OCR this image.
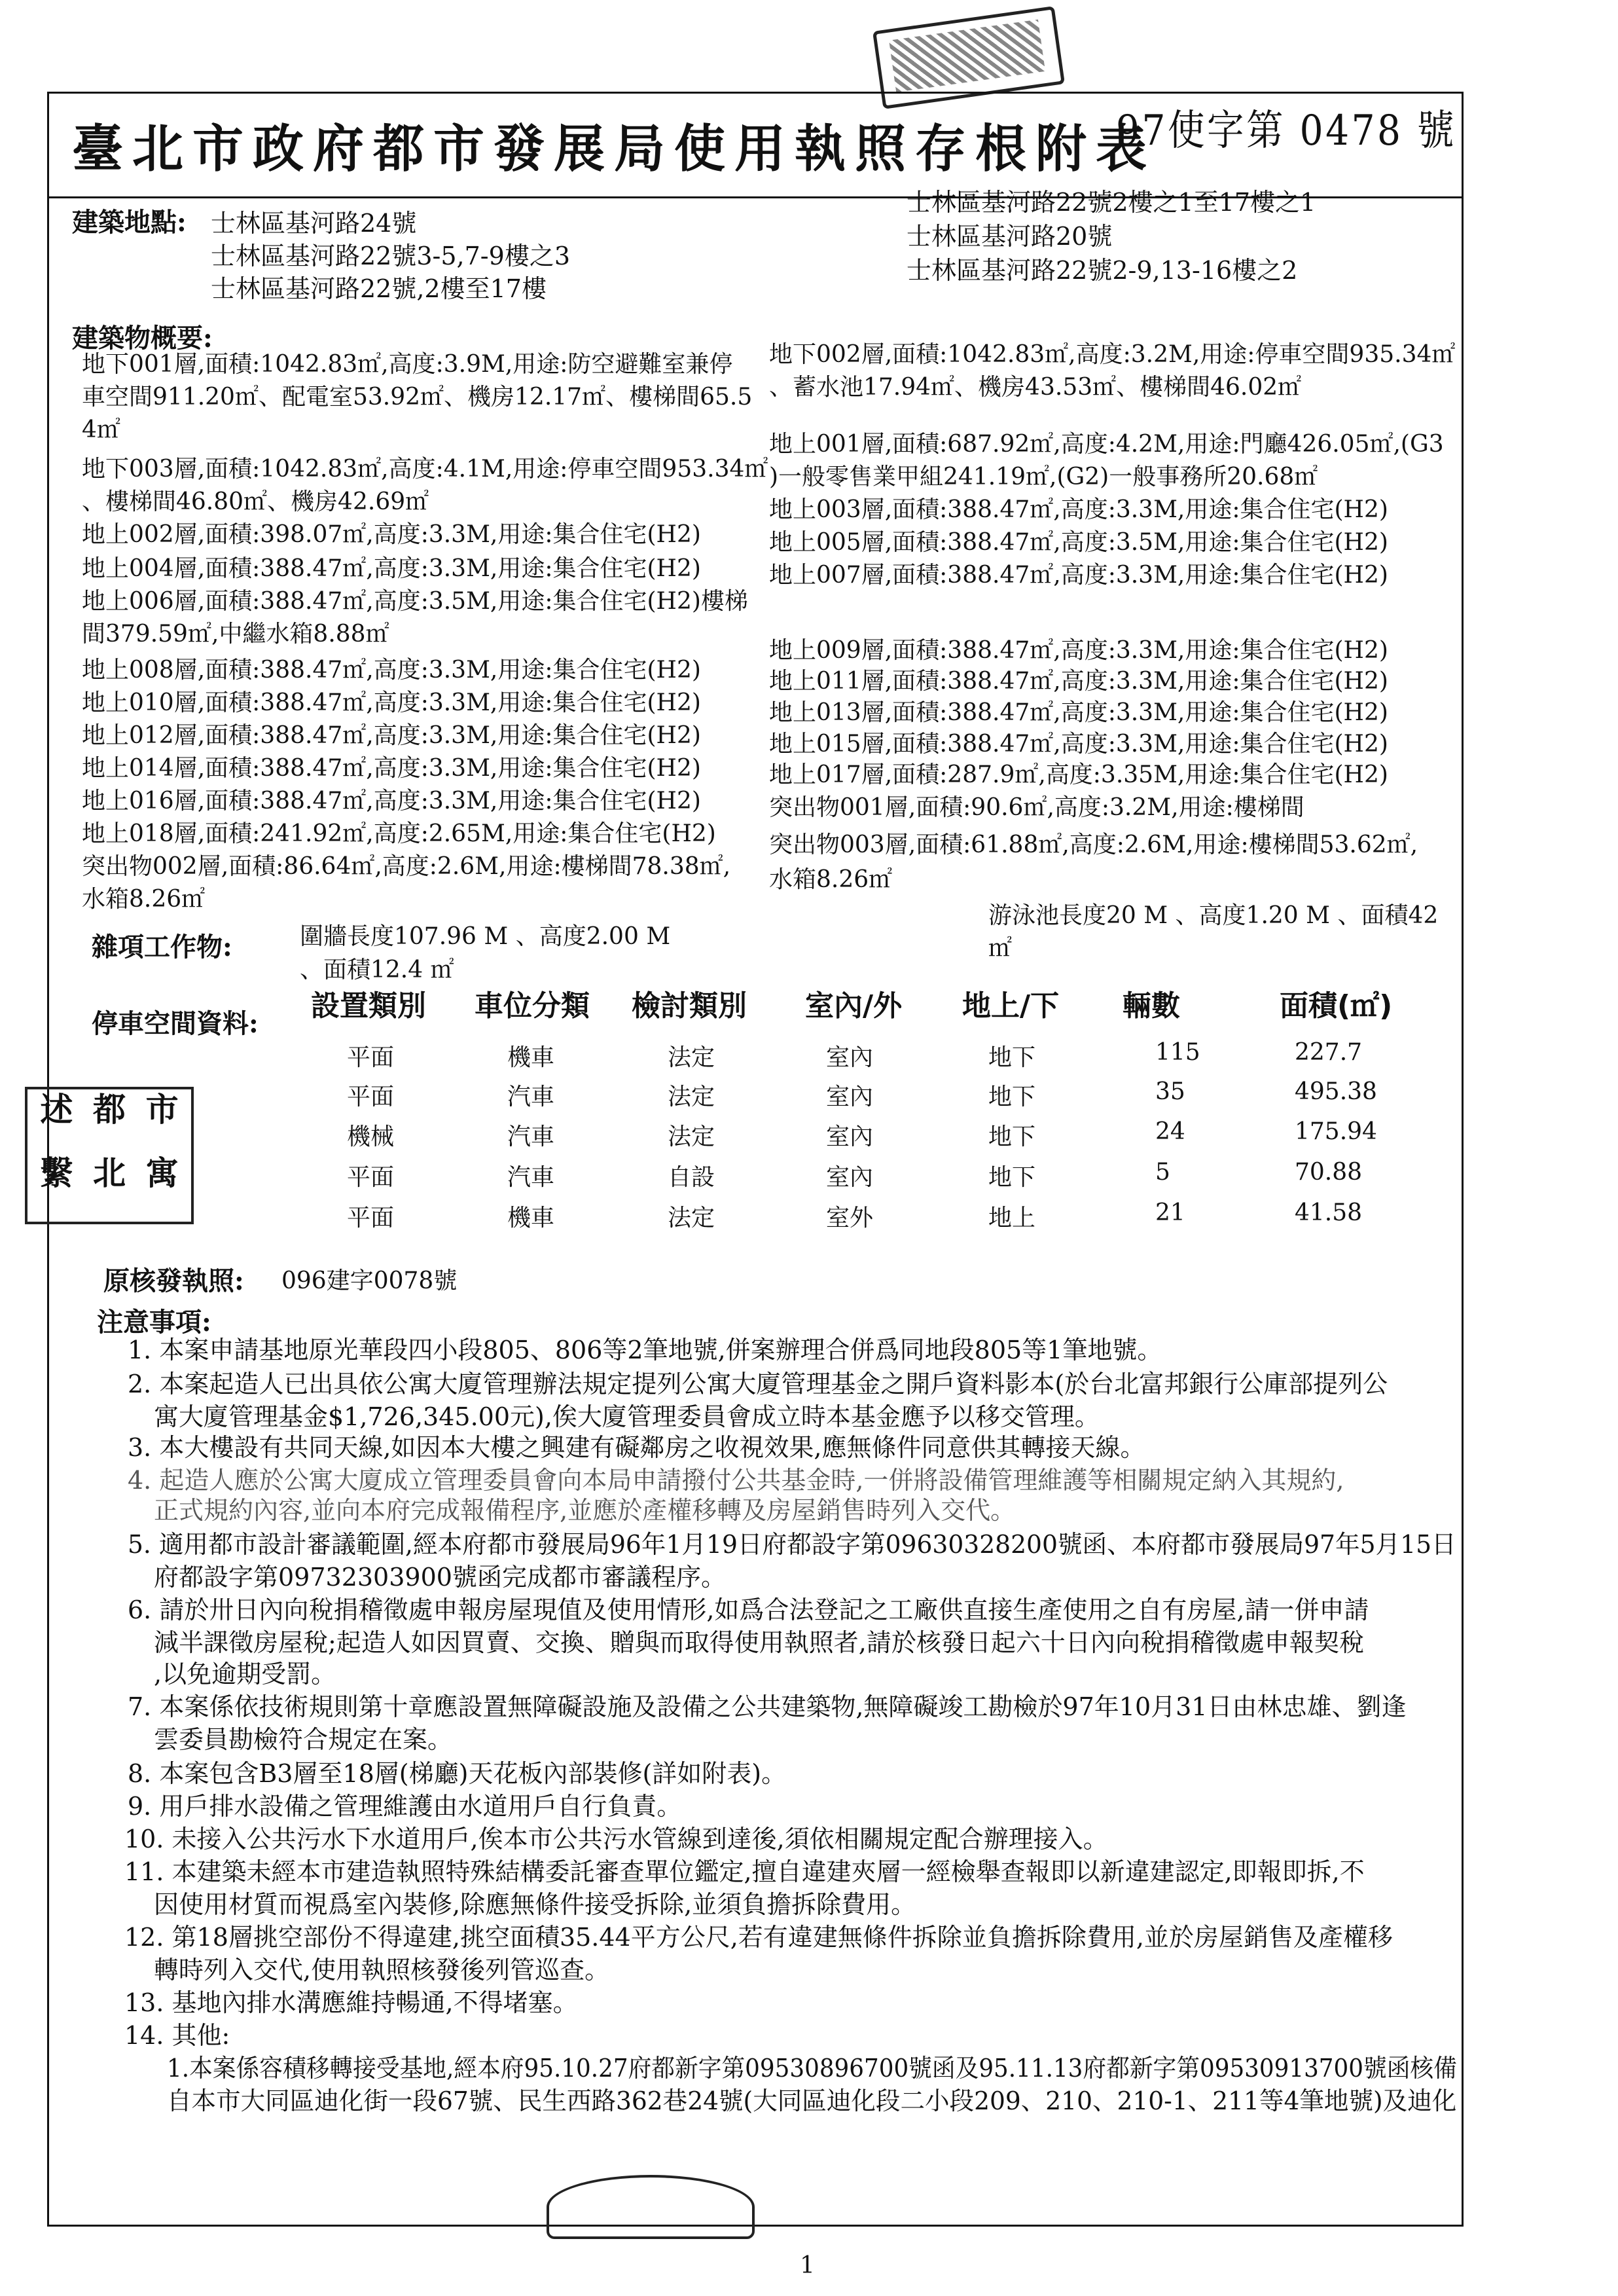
臺北市政府都市發展局使用執照存根附表
97使字第 0478 號
建築地點: 士林區基河路24號
士林區基河路22號3-5,7-9樓之3
士林區基河路22號,2樓至17樓
士林區基河路22號2樓之1至17樓之1
士林區基河路20號
士林區基河路22號2-9,13-16樓之2
建築物概要:
地下001層,面積:1042.83㎡,高度:3.9M,用途:防空避難室兼停
車空間911.20㎡、配電室53.92㎡、機房12.17㎡、樓梯間65.5
4㎡
地下003層,面積:1042.83㎡,高度:4.1M,用途:停車空間953.34㎡
、樓梯間46.80㎡、機房42.69㎡
地上002層,面積:398.07㎡,高度:3.3M,用途:集合住宅(H2)
地上004層,面積:388.47㎡,高度:3.3M,用途:集合住宅(H2)
地上006層,面積:388.47㎡,高度:3.5M,用途:集合住宅(H2)樓梯
間379.59㎡,中繼水箱8.88㎡
地上008層,面積:388.47㎡,高度:3.3M,用途:集合住宅(H2)
地上010層,面積:388.47㎡,高度:3.3M,用途:集合住宅(H2)
地上012層,面積:388.47㎡,高度:3.3M,用途:集合住宅(H2)
地上014層,面積:388.47㎡,高度:3.3M,用途:集合住宅(H2)
地上016層,面積:388.47㎡,高度:3.3M,用途:集合住宅(H2)
地上018層,面積:241.92㎡,高度:2.65M,用途:集合住宅(H2)
突出物002層,面積:86.64㎡,高度:2.6M,用途:樓梯間78.38㎡,
水箱8.26㎡
地下002層,面積:1042.83㎡,高度:3.2M,用途:停車空間935.34㎡
、蓄水池17.94㎡、機房43.53㎡、樓梯間46.02㎡
地上001層,面積:687.92㎡,高度:4.2M,用途:門廳426.05㎡,(G3
)一般零售業甲組241.19㎡,(G2)一般事務所20.68㎡
地上003層,面積:388.47㎡,高度:3.3M,用途:集合住宅(H2)
地上005層,面積:388.47㎡,高度:3.5M,用途:集合住宅(H2)
地上007層,面積:388.47㎡,高度:3.3M,用途:集合住宅(H2)
地上009層,面積:388.47㎡,高度:3.3M,用途:集合住宅(H2)
地上011層,面積:388.47㎡,高度:3.3M,用途:集合住宅(H2)
地上013層,面積:388.47㎡,高度:3.3M,用途:集合住宅(H2)
地上015層,面積:388.47㎡,高度:3.3M,用途:集合住宅(H2)
地上017層,面積:287.9㎡,高度:3.35M,用途:集合住宅(H2)
突出物001層,面積:90.6㎡,高度:3.2M,用途:樓梯間
突出物003層,面積:61.88㎡,高度:2.6M,用途:樓梯間53.62㎡,
水箱8.26㎡
雜項工作物:	圍牆長度107.96 M 、高度2.00 M
、面積12.4 ㎡
游泳池長度20 M 、高度1.20 M 、面積42
㎡
停車空間資料:
設置類別 車位分類 檢討類別 室內/外 地上/下 輛數	面積(㎡)
平面	機車	法定	室內	地下	115	227.7
平面	汽車	法定	室內	地下	35	495.38
機械	汽車	法定	室內	地下	24	175.94
平面	汽車	自設	室內	地下	5	70.88
平面	機車	法定	室外	地上	21	41.58
述 都 市
繫 北 寓
原核發執照: 096建字0078號
注意事項:
1. 本案申請基地原光華段四小段805、806等2筆地號,併案辦理合併爲同地段805等1筆地號。
2. 本案起造人已出具依公寓大廈管理辦法規定提列公寓大廈管理基金之開戶資料影本(於台北富邦銀行公庫部提列公
寓大廈管理基金$1,726,345.00元),俟大廈管理委員會成立時本基金應予以移交管理。
3. 本大樓設有共同天線,如因本大樓之興建有礙鄰房之收視效果,應無條件同意供其轉接天線。
4. 起造人應於公寓大廈成立管理委員會向本局申請撥付公共基金時,一併將設備管理維護等相關規定納入其規約,
正式規約內容,並向本府完成報備程序,並應於產權移轉及房屋銷售時列入交代。
5. 適用都市設計審議範圍,經本府都市發展局96年1月19日府都設字第09630328200號函、本府都市發展局97年5月15日
府都設字第09732303900號函完成都市審議程序。
6. 請於卅日內向稅捐稽徵處申報房屋現值及使用情形,如爲合法登記之工廠供直接生產使用之自有房屋,請一併申請
減半課徵房屋稅;起造人如因買賣、交換、贈與而取得使用執照者,請於核發日起六十日內向稅捐稽徵處申報契稅
,以免逾期受罰。
7. 本案係依技術規則第十章應設置無障礙設施及設備之公共建築物,無障礙竣工勘檢於97年10月31日由林忠雄、劉逢
雲委員勘檢符合規定在案。
8. 本案包含B3層至18層(梯廳)天花板內部裝修(詳如附表)。
9. 用戶排水設備之管理維護由水道用戶自行負責。
10. 未接入公共污水下水道用戶,俟本市公共污水管線到達後,須依相關規定配合辦理接入。
11. 本建築未經本市建造執照特殊結構委託審查單位鑑定,擅自違建夾層一經檢舉查報即以新違建認定,即報即拆,不
因使用材質而視爲室內裝修,除應無條件接受拆除,並須負擔拆除費用。
12. 第18層挑空部份不得違建,挑空面積35.44平方公尺,若有違建無條件拆除並負擔拆除費用,並於房屋銷售及產權移
轉時列入交代,使用執照核發後列管巡查。
13. 基地內排水溝應維持暢通,不得堵塞。
14. 其他:
1.本案係容積移轉接受基地,經本府95.10.27府都新字第09530896700號函及95.11.13府都新字第09530913700號函核備
自本市大同區迪化街一段67號、民生西路362巷24號(大同區迪化段二小段209、210、210-1、211等4筆地號)及迪化
1
